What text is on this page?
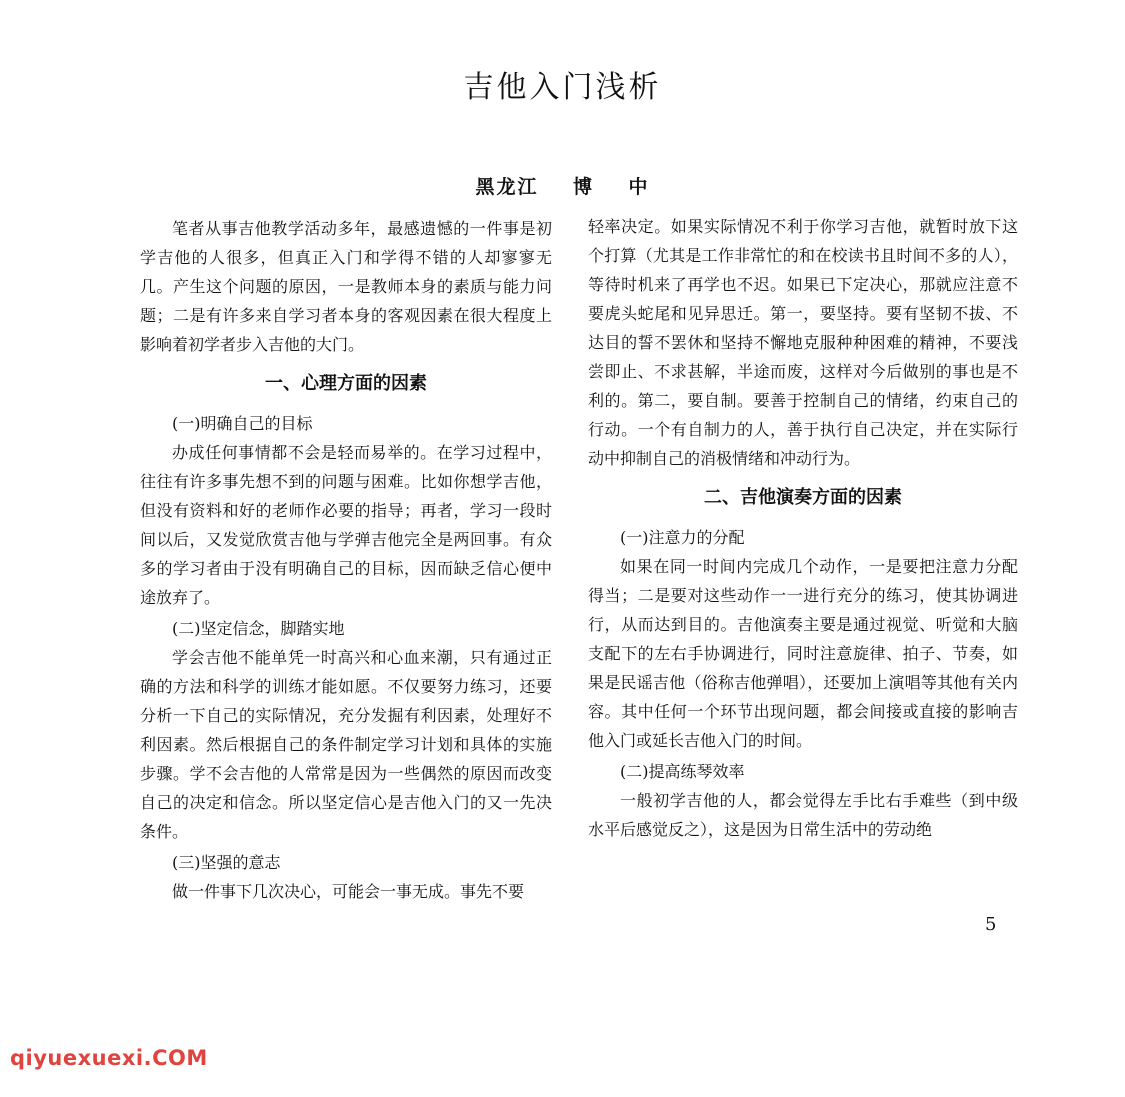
吉他入门浅析
黑龙江    博    中

笔者从事吉他教学活动多年，最感遗憾的一件事是初学吉他的人很多，但真正入门和学得不错的人却寥寥无几。产生这个问题的原因，一是教师本身的素质与能力问题；二是有许多来自学习者本身的客观因素在很大程度上影响着初学者步入吉他的大门。

一、心理方面的因素

(一)明确自己的目标

办成任何事情都不会是轻而易举的。在学习过程中，往往有许多事先想不到的问题与困难。比如你想学吉他，但没有资料和好的老师作必要的指导；再者，学习一段时间以后，又发觉欣赏吉他与学弹吉他完全是两回事。有众多的学习者由于没有明确自己的目标，因而缺乏信心便中途放弃了。

(二)坚定信念，脚踏实地

学会吉他不能单凭一时高兴和心血来潮，只有通过正确的方法和科学的训练才能如愿。不仅要努力练习，还要分析一下自己的实际情况，充分发掘有利因素，处理好不利因素。然后根据自己的条件制定学习计划和具体的实施步骤。学不会吉他的人常常是因为一些偶然的原因而改变自己的决定和信念。所以坚定信心是吉他入门的又一先决条件。

(三)坚强的意志

做一件事下几次决心，可能会一事无成。事先不要

轻率决定。如果实际情况不利于你学习吉他，就暂时放下这个打算（尤其是工作非常忙的和在校读书且时间不多的人），等待时机来了再学也不迟。如果已下定决心，那就应注意不要虎头蛇尾和见异思迁。第一，要坚持。要有坚韧不拔、不达目的誓不罢休和坚持不懈地克服种种困难的精神，不要浅尝即止、不求甚解，半途而废，这样对今后做别的事也是不利的。第二，要自制。要善于控制自己的情绪，约束自己的行动。一个有自制力的人，善于执行自己决定，并在实际行动中抑制自己的消极情绪和冲动行为。

二、吉他演奏方面的因素

(一)注意力的分配

如果在同一时间内完成几个动作，一是要把注意力分配得当；二是要对这些动作一一进行充分的练习，使其协调进行，从而达到目的。吉他演奏主要是通过视觉、听觉和大脑支配下的左右手协调进行，同时注意旋律、拍子、节奏，如果是民谣吉他（俗称吉他弹唱），还要加上演唱等其他有关内容。其中任何一个环节出现问题，都会间接或直接的影响吉他入门或延长吉他入门的时间。

(二)提高练琴效率

一般初学吉他的人，都会觉得左手比右手难些（到中级水平后感觉反之），这是因为日常生活中的劳动绝

5
qiyuexuexi.COM
